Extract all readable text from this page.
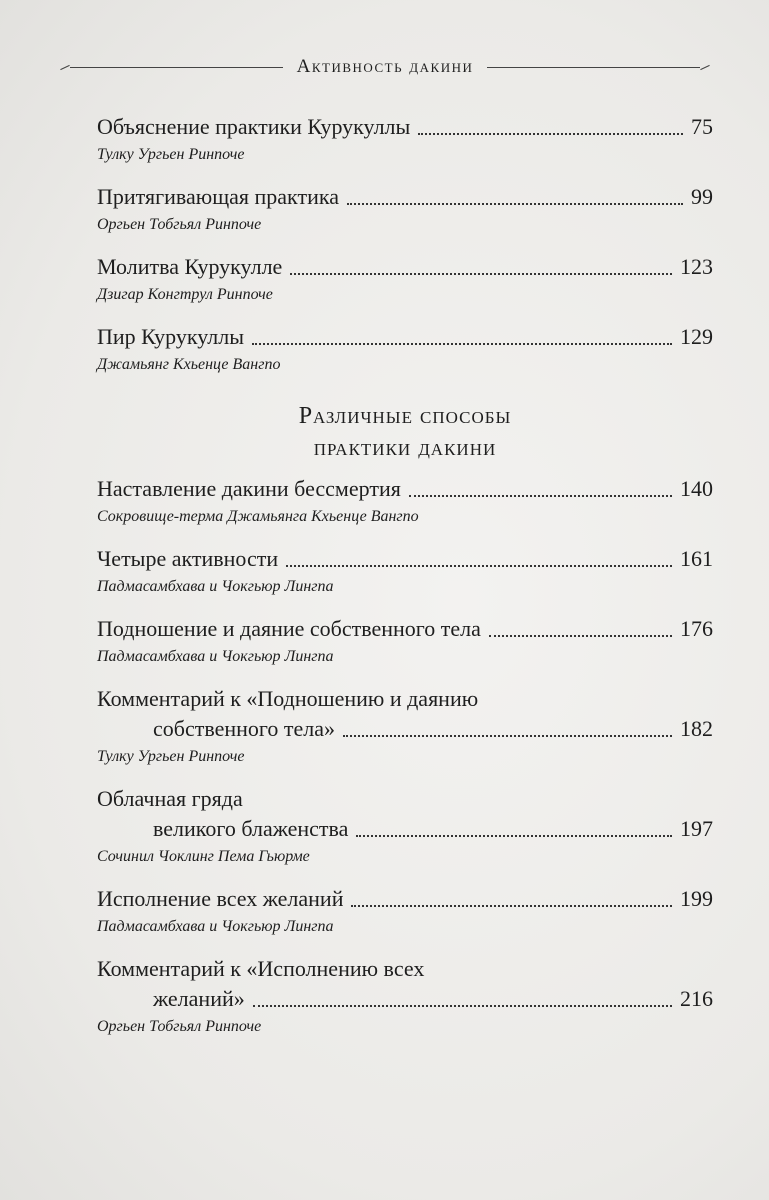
Активность дакини
Объяснение практики Курукуллы	75
Тулку Ургьен Ринпоче
Притягивающая практика	99
Оргьен Тобгьял Ринпоче
Молитва Курукулле	123
Дзигар Конгтрул Ринпоче
Пир Курукуллы	129
Джамьянг Кхьенце Вангпо
Различные способы
практики дакини
Наставление дакини бессмертия	140
Сокровище-терма Джамьянга Кхьенце Вангпо
Четыре активности	161
Падмасамбхава и Чокгьюр Лингпа
Подношение и даяние собственного тела	176
Падмасамбхава и Чокгьюр Лингпа
Комментарий к «Подношению и даянию
собственного тела»	182
Тулку Ургьен Ринпоче
Облачная гряда
великого блаженства	197
Сочинил Чоклинг Пема Гьюрме
Исполнение всех желаний	199
Падмасамбхава и Чокгьюр Лингпа
Комментарий к «Исполнению всех
желаний»	216
Оргьен Тобгьял Ринпоче
